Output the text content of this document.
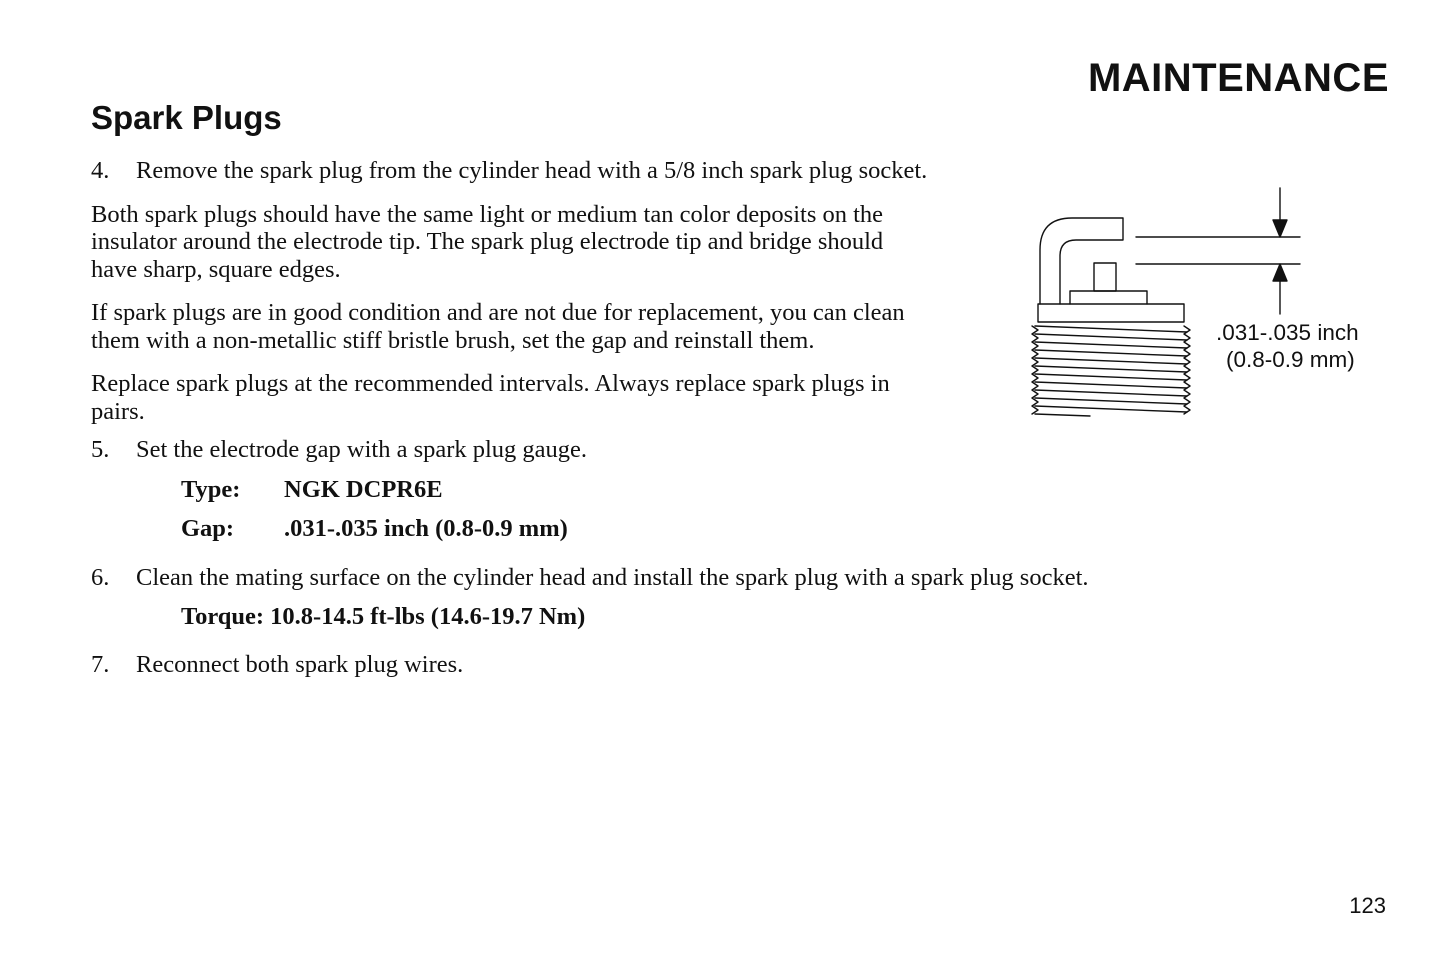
MAINTENANCE
Spark Plugs
4.	Remove the spark plug from the cylinder head with a 5/8 inch spark plug socket.

Both spark plugs should have the same light or medium tan color deposits on the insulator around the electrode tip. The spark plug electrode tip and bridge should have sharp, square edges.

If spark plugs are in good condition and are not due for replacement, you can clean them with a non-metallic stiff bristle brush, set the gap and reinstall them.

Replace spark plugs at the recommended intervals. Always replace spark plugs in pairs.

5.	Set the electrode gap with a spark plug gauge.
Type:	NGK DCPR6E
Gap:	.031-.035 inch (0.8-0.9 mm)
6.	Clean the mating surface on the cylinder head and install the spark plug with a spark plug socket.
Torque: 10.8-14.5 ft-lbs (14.6-19.7 Nm)
7.	Reconnect both spark plug wires.
.031-.035 inch
(0.8-0.9 mm)
123
